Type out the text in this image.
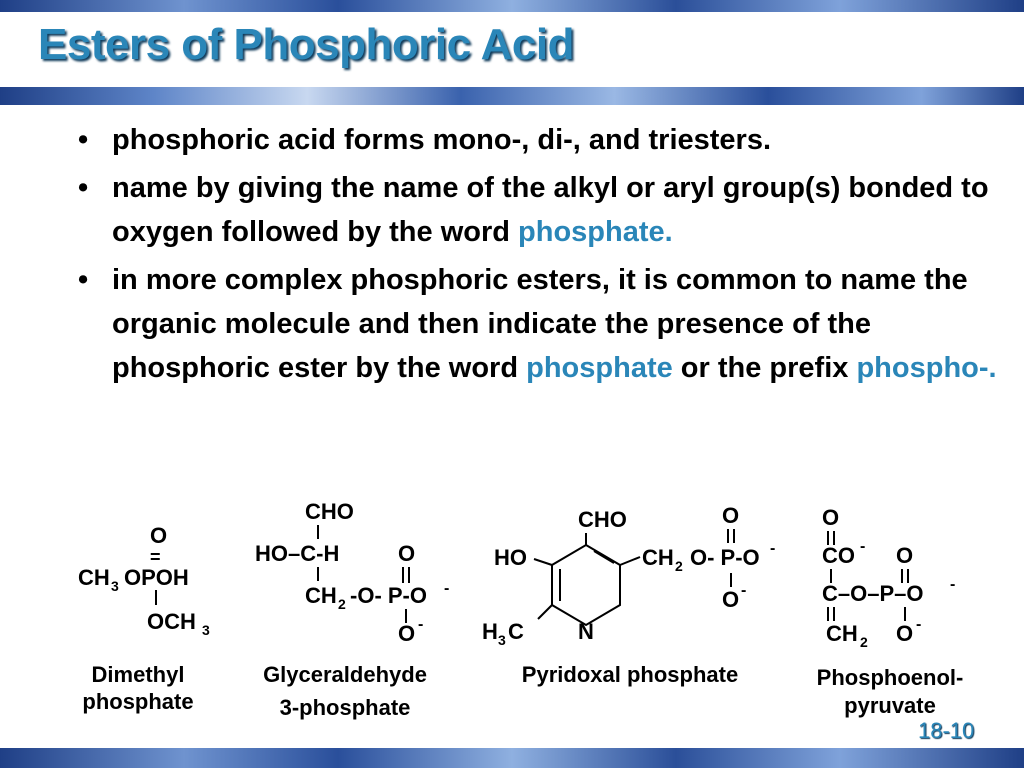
Esters of Phosphoric Acid
• phosphoric acid forms mono-, di-, and triesters.
• name by giving the name of the alkyl or aryl group(s) bonded to oxygen followed by the word phosphate.
• in more complex phosphoric esters, it is common to name the organic molecule and then indicate the presence of the phosphoric ester by the word phosphate or the prefix phospho-.
O
=
CH 3 OPOH
OCH 3
CHO
HO–C-H	O
CH 2 -O- P-O -
O -
CHO	O
HO	CH 2 O- P-O -
O -
H 3 C N
O
CO - O
C–O–P–O -
CH 2 O -
Dimethyl
phosphate
Glyceraldehyde
3-phosphate
Pyridoxal phosphate	Phosphoenol-
pyruvate
18-10
